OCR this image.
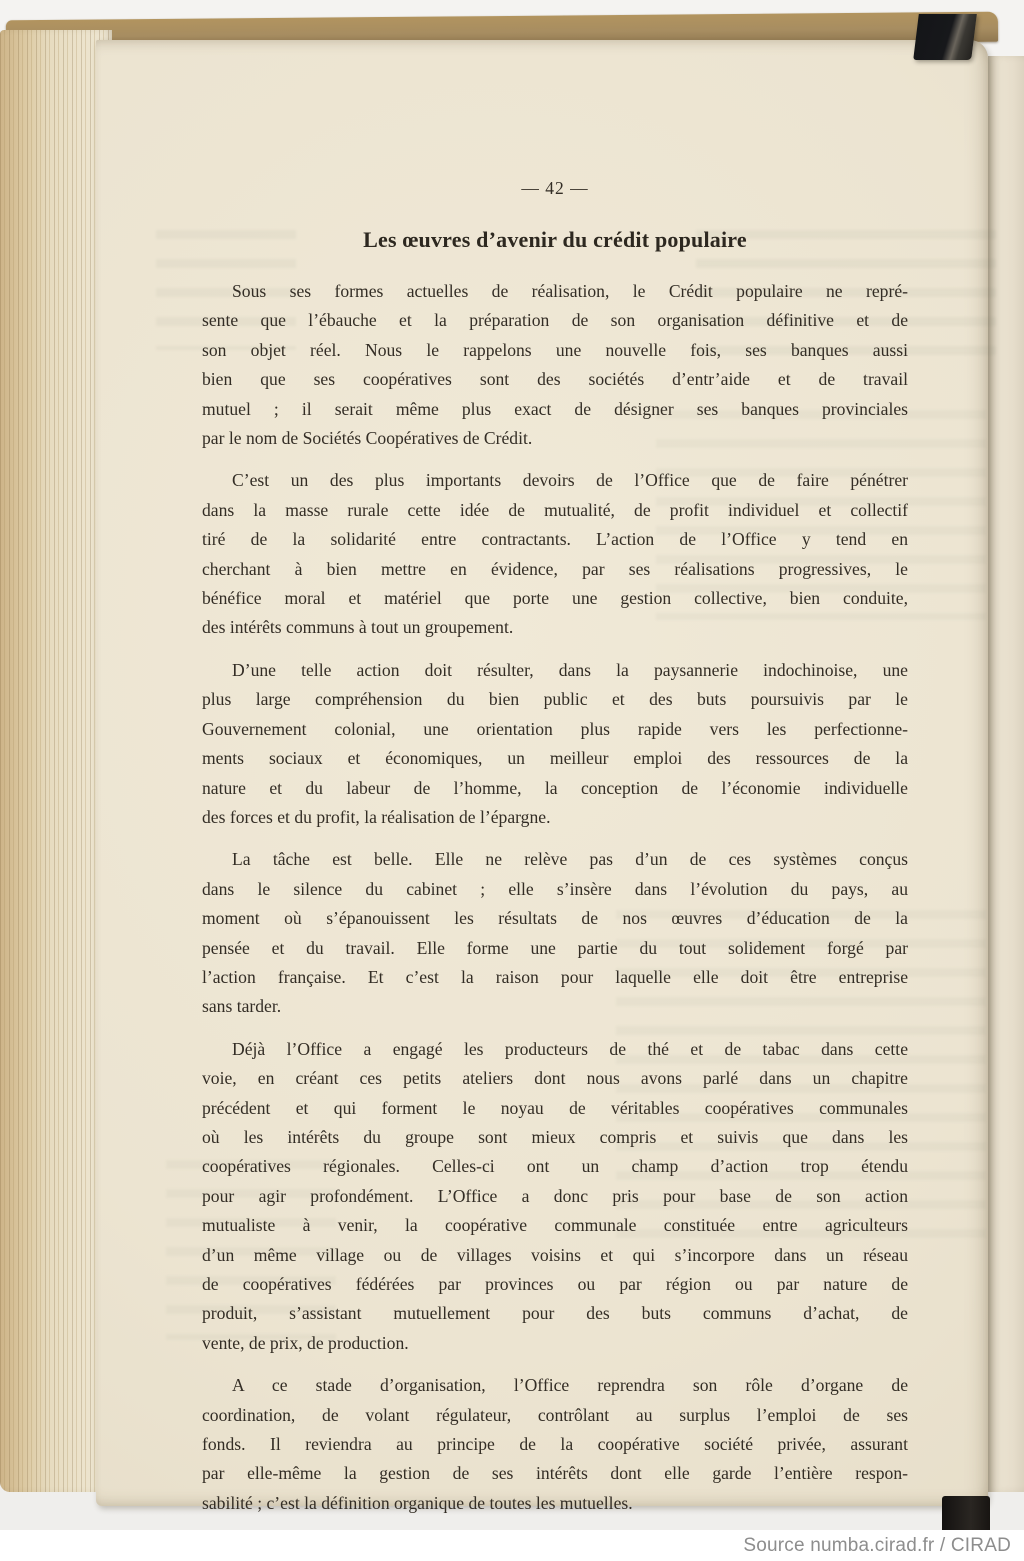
— 42 —
Les œuvres d’avenir du crédit populaire
Sous ses formes actuelles de réalisation, le Crédit populaire ne repré-
sente que l’ébauche et la préparation de son organisation définitive et de
son objet réel. Nous le rappelons une nouvelle fois, ses banques aussi
bien que ses coopératives sont des sociétés d’entr’aide et de travail
mutuel ; il serait même plus exact de désigner ses banques provinciales
par le nom de Sociétés Coopératives de Crédit.
C’est un des plus importants devoirs de l’Office que de faire pénétrer
dans la masse rurale cette idée de mutualité, de profit individuel et collectif
tiré de la solidarité entre contractants. L’action de l’Office y tend en
cherchant à bien mettre en évidence, par ses réalisations progressives, le
bénéfice moral et matériel que porte une gestion collective, bien conduite,
des intérêts communs à tout un groupement.
D’une telle action doit résulter, dans la paysannerie indochinoise, une
plus large compréhension du bien public et des buts poursuivis par le
Gouvernement colonial, une orientation plus rapide vers les perfectionne-
ments sociaux et économiques, un meilleur emploi des ressources de la
nature et du labeur de l’homme, la conception de l’économie individuelle
des forces et du profit, la réalisation de l’épargne.
La tâche est belle. Elle ne relève pas d’un de ces systèmes conçus
dans le silence du cabinet ; elle s’insère dans l’évolution du pays, au
moment où s’épanouissent les résultats de nos œuvres d’éducation de la
pensée et du travail. Elle forme une partie du tout solidement forgé par
l’action française. Et c’est la raison pour laquelle elle doit être entreprise
sans tarder.
Déjà l’Office a engagé les producteurs de thé et de tabac dans cette
voie, en créant ces petits ateliers dont nous avons parlé dans un chapitre
précédent et qui forment le noyau de véritables coopératives communales
où les intérêts du groupe sont mieux compris et suivis que dans les
coopératives régionales. Celles-ci ont un champ d’action trop étendu
pour agir profondément. L’Office a donc pris pour base de son action
mutualiste à venir, la coopérative communale constituée entre agriculteurs
d’un même village ou de villages voisins et qui s’incorpore dans un réseau
de coopératives fédérées par provinces ou par région ou par nature de
produit, s’assistant mutuellement pour des buts communs d’achat, de
vente, de prix, de production.
A ce stade d’organisation, l’Office reprendra son rôle d’organe de
coordination, de volant régulateur, contrôlant au surplus l’emploi de ses
fonds. Il reviendra au principe de la coopérative société privée, assurant
par elle-même la gestion de ses intérêts dont elle garde l’entière respon-
sabilité ; c’est la définition organique de toutes les mutuelles.
Source numba.cirad.fr / CIRAD
